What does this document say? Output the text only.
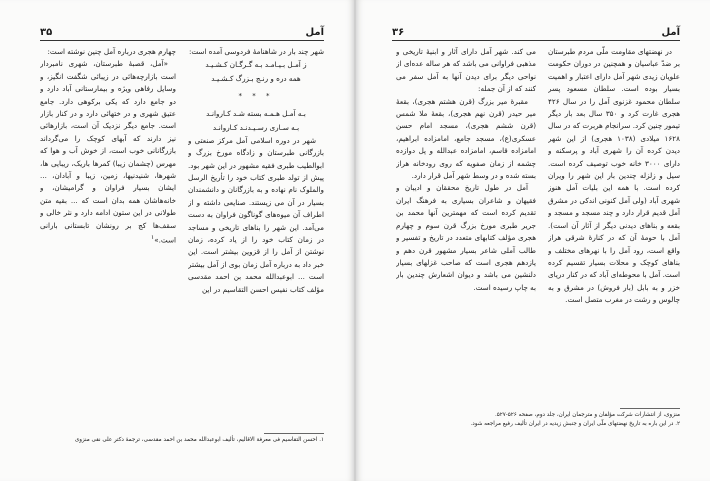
آمل
۳۵

شهر چند بار در شاهنامهٔ فردوسی آمده است:

ز آمـل بـیـامـد بـه گـرگـان کـشـیـد
همه دره و رنـج بـزرگ کـشـیـد
* * *
بـه آمـل هـمـه بسته شـد کـاروانـد
بـه سـاری رسـیـدنـد کـاروانـد

شهر در دوره اسلامی آمل مرکز صنعتی و بازرگانی طبرستان و زادگاه مورخ بزرگ و ابوالطیب طبری فقیه مشهور در این شهر بود. پیش از تولد طبری کتاب خود را تأریخ الرسل والملوک نام نهاده و به بازرگانان و دانشمندان بسیار در آن می زیستند. صنایعی داشته و از اطراف آن میوه‌های گوناگون فراوان به دست می‌آمد. این شهر را بناهای تاریخی و مساجد در زمان کتاب خود را از یاد کرده، زمان نوشتن از آمل را از قزوین بیشتر است. این خبر داد به درباره آمل زمان بوی از آمل بیشتر است ... ابوعبدالله محمد بن احمد مقدسی مؤلف کتاب نفیس احسن التقاسیم در این

چهارم هجری درباره آمل چنین نوشته است:

«آمل، قصبهٔ طبرستان، شهری نامبردار است بازارچه‌هائی در زیبائی شگفت انگیز، و وسایل رفاهی ویژه و بیمارستانی آباد دارد و دو جامع دارد که یکی برکوهی دارد. جامع عتیق شهری و در ختهائی دارد و در کنار بازار است. جامع دیگر نزدیک آن است، بازارهائی نیز دارند که آبهای کوچک را می‌گرداند بازرگانانی خوب است، از خوش آب و هوا که مهرس (چشمان زیبا) کمرها باریک، ریبایی ها، شهرها، شنیدنیها، زمین، زیبا و آبادان، ... ایشان بسیار فراوان و گرامیشان، و خانه‌هاشان همه بدان است که ... بقیه متن طولانی در این ستون ادامه دارد و نثر خالی و سقف‌ها کج بر رونشان تابستانی بارانی است.»$^۱$

۱. احسن التقاسیم فی معرفة الاقالیم، تألیف ابوعبدالله محمد بن احمد مقدسی، ترجمهٔ دکتر علی نقی منزوی

آمل
۳۶

در نهضتهای مقاومت ملّی مردم طبرستان بر ضدّ عباسیان و همچنین در دوران حکومت علویان زیدی شهر آمل دارای اعتبار و اهمیت بسیار بوده است. سلطان مسعود پسر سلطان محمود غزنوی آمل را در سال ۴۲۶ هجری غارت کرد و ۳۵۰ سال بعد بار دیگر تیمور چنین کرد. سرانجام هربرت که در سال ۱۶۲۸ میلادی (۱۰۳۸ هجری) از این شهر دیدن کرده آن را شهری آباد و پرسکنه و دارای ۳۰۰۰ خانه خوب توصیف کرده است. سیل و زلزله چندین بار این شهر را ویران کرده است. با همه این بلیات آمل هنوز شهری آباد (ولی آمل کنونی اندکی در مشرق آمل قدیم قرار دارد و چند مسجد و مسجد و بقعه و بناهای دیدنی دیگر از آثار آن است). آمل با حومهٔ آن که در کنارهٔ شرقی هراز واقع است، رود آمل را با نهرهای مختلف و بناهای کوچک و محلات بسیار تقسیم کرده است. آمل با محوطه‌ای آباد که در کنار دریای خزر و به بابل (بار فروش) در مشرق و به چالوس و رشت در مغرب متصل است.

می کند. شهر آمل دارای آثار و ابنیهٔ تاریخی و مذهبی فراوانی می باشد که هر ساله عده‌ای از نواحی دیگر برای دیدن آنها به آمل سفر می کنند که از آن جمله:

مقبرهٔ میر بزرگ (قرن هشتم هجری)، بقعهٔ میر حیدر (قرن نهم هجری)، بقعهٔ ملا شمس (قرن ششم هجری)، مسجد امام حسن عسکری(ع)، مسجد جامع، امامزاده ابراهیم، امامزاده قاسم، امامزاده عبدالله و پل دوازده چشمه از زمان صفویه که روی رودخانه هراز بسته شده و در وسط شهر آمل قرار دارد.

آمل در طول تاریخ محققان و ادیبان و فقیهان و شاعران بسیاری به فرهنگ ایران تقدیم کرده است که مهمترین آنها محمد بن جریر طبری مورخ بزرگ قرن سوم و چهارم هجری مؤلف کتابهای متعدد در تاریخ و تفسیر و طالب آملی شاعر بسیار مشهور قرن دهم و یازدهم هجری است که صاحب غزلهای بسیار دلنشین می باشد و دیوان اشعارش چندین بار به چاپ رسیده است.

منزوی، از انتشارات شرکت مؤلفان و مترجمان ایران، جلد دوم، صفحه ۵۲۶-۵۲۷.

۲. در این باره به تاریخ نهضتهای ملّی ایران و جنبش زیدیه در ایران تألیف رفیع مراجعه شود.
